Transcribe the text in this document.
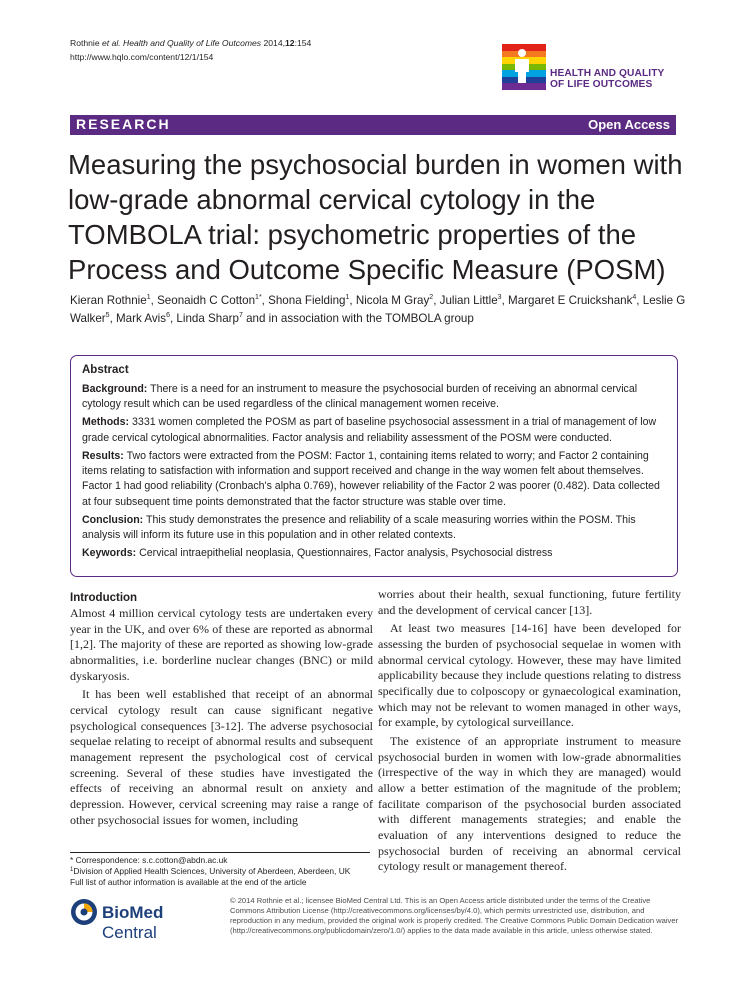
Rothnie et al. Health and Quality of Life Outcomes 2014,12:154
http://www.hqlo.com/content/12/1/154
HEALTH AND QUALITY
OF LIFE OUTCOMES
RESEARCH	Open Access
Measuring the psychosocial burden in women with low-grade abnormal cervical cytology in the TOMBOLA trial: psychometric properties of the Process and Outcome Specific Measure (POSM)
Kieran Rothnie$^1$, Seonaidh C Cotton$^{1*}$, Shona Fielding$^1$, Nicola M Gray$^2$, Julian Little$^3$, Margaret E Cruickshank$^4$, Leslie G Walker$^5$, Mark Avis$^6$, Linda Sharp$^7$ and in association with the TOMBOLA group
Abstract

Background: There is a need for an instrument to measure the psychosocial burden of receiving an abnormal cervical cytology result which can be used regardless of the clinical management women receive.

Methods: 3331 women completed the POSM as part of baseline psychosocial assessment in a trial of management of low grade cervical cytological abnormalities. Factor analysis and reliability assessment of the POSM were conducted.

Results: Two factors were extracted from the POSM: Factor 1, containing items related to worry; and Factor 2 containing items relating to satisfaction with information and support received and change in the way women felt about themselves. Factor 1 had good reliability (Cronbach's alpha 0.769), however reliability of the Factor 2 was poorer (0.482). Data collected at four subsequent time points demonstrated that the factor structure was stable over time.

Conclusion: This study demonstrates the presence and reliability of a scale measuring worries within the POSM. This analysis will inform its future use in this population and in other related contexts.

Keywords: Cervical intraepithelial neoplasia, Questionnaires, Factor analysis, Psychosocial distress

Introduction

Almost 4 million cervical cytology tests are undertaken every year in the UK, and over 6% of these are reported as abnormal [1,2]. The majority of these are reported as showing low-grade abnormalities, i.e. borderline nuclear changes (BNC) or mild dyskaryosis.

It has been well established that receipt of an abnormal cervical cytology result can cause significant negative psychological consequences [3-12]. The adverse psychosocial sequelae relating to receipt of abnormal results and subsequent management represent the psychological cost of cervical screening. Several of these studies have investigated the effects of receiving an abnormal result on anxiety and depression. However, cervical screening may raise a range of other psychosocial issues for women, including

worries about their health, sexual functioning, future fertility and the development of cervical cancer [13].

At least two measures [14-16] have been developed for assessing the burden of psychosocial sequelae in women with abnormal cervical cytology. However, these may have limited applicability because they include questions relating to distress specifically due to colposcopy or gynaecological examination, which may not be relevant to women managed in other ways, for example, by cytological surveillance.

The existence of an appropriate instrument to measure psychosocial burden in women with low-grade abnormalities (irrespective of the way in which they are managed) would allow a better estimation of the magnitude of the problem; facilitate comparison of the psychosocial burden associated with different managements strategies; and enable the evaluation of any interventions designed to reduce the psychosocial burden of receiving an abnormal cervical cytology result or management thereof.

* Correspondence: s.c.cotton@abdn.ac.uk
$^1$Division of Applied Health Sciences, University of Aberdeen, Aberdeen, UK
Full list of author information is available at the end of the article
BioMed Central
© 2014 Rothnie et al.; licensee BioMed Central Ltd. This is an Open Access article distributed under the terms of the Creative Commons Attribution License (http://creativecommons.org/licenses/by/4.0), which permits unrestricted use, distribution, and reproduction in any medium, provided the original work is properly credited. The Creative Commons Public Domain Dedication waiver (http://creativecommons.org/publicdomain/zero/1.0/) applies to the data made available in this article, unless otherwise stated.
